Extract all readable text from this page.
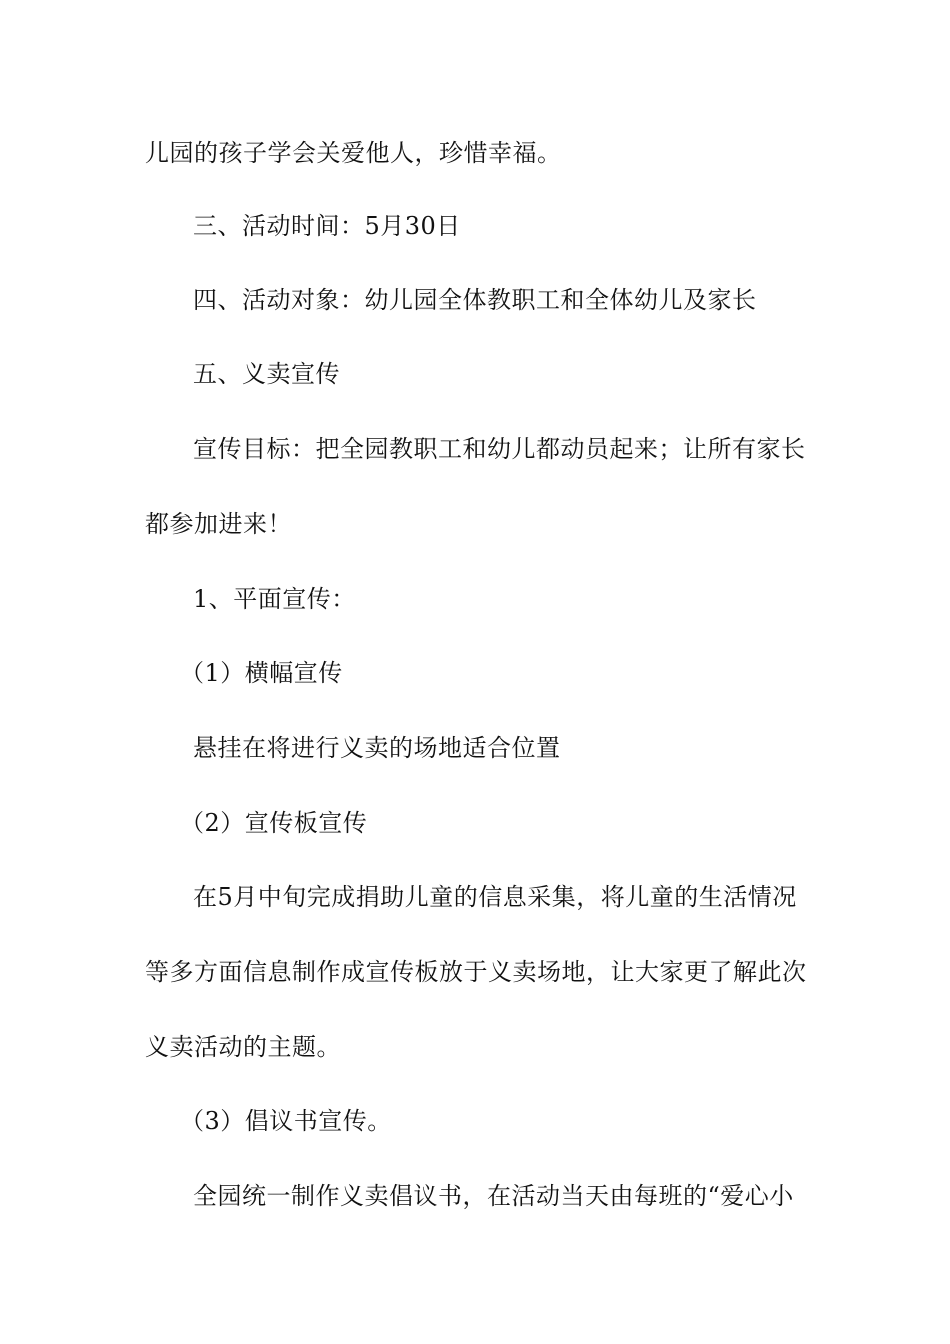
儿园的孩子学会关爱他人，珍惜幸福。
三、活动时间：5月30日
四、活动对象：幼儿园全体教职工和全体幼儿及家长
五、义卖宣传
宣传目标：把全园教职工和幼儿都动员起来；让所有家长
都参加进来！
1、平面宣传：
（1）横幅宣传
悬挂在将进行义卖的场地适合位置
（2）宣传板宣传
在5月中旬完成捐助儿童的信息采集，将儿童的生活情况
等多方面信息制作成宣传板放于义卖场地，让大家更了解此次
义卖活动的主题。
（3）倡议书宣传。
全园统一制作义卖倡议书，在活动当天由每班的“爱心小
